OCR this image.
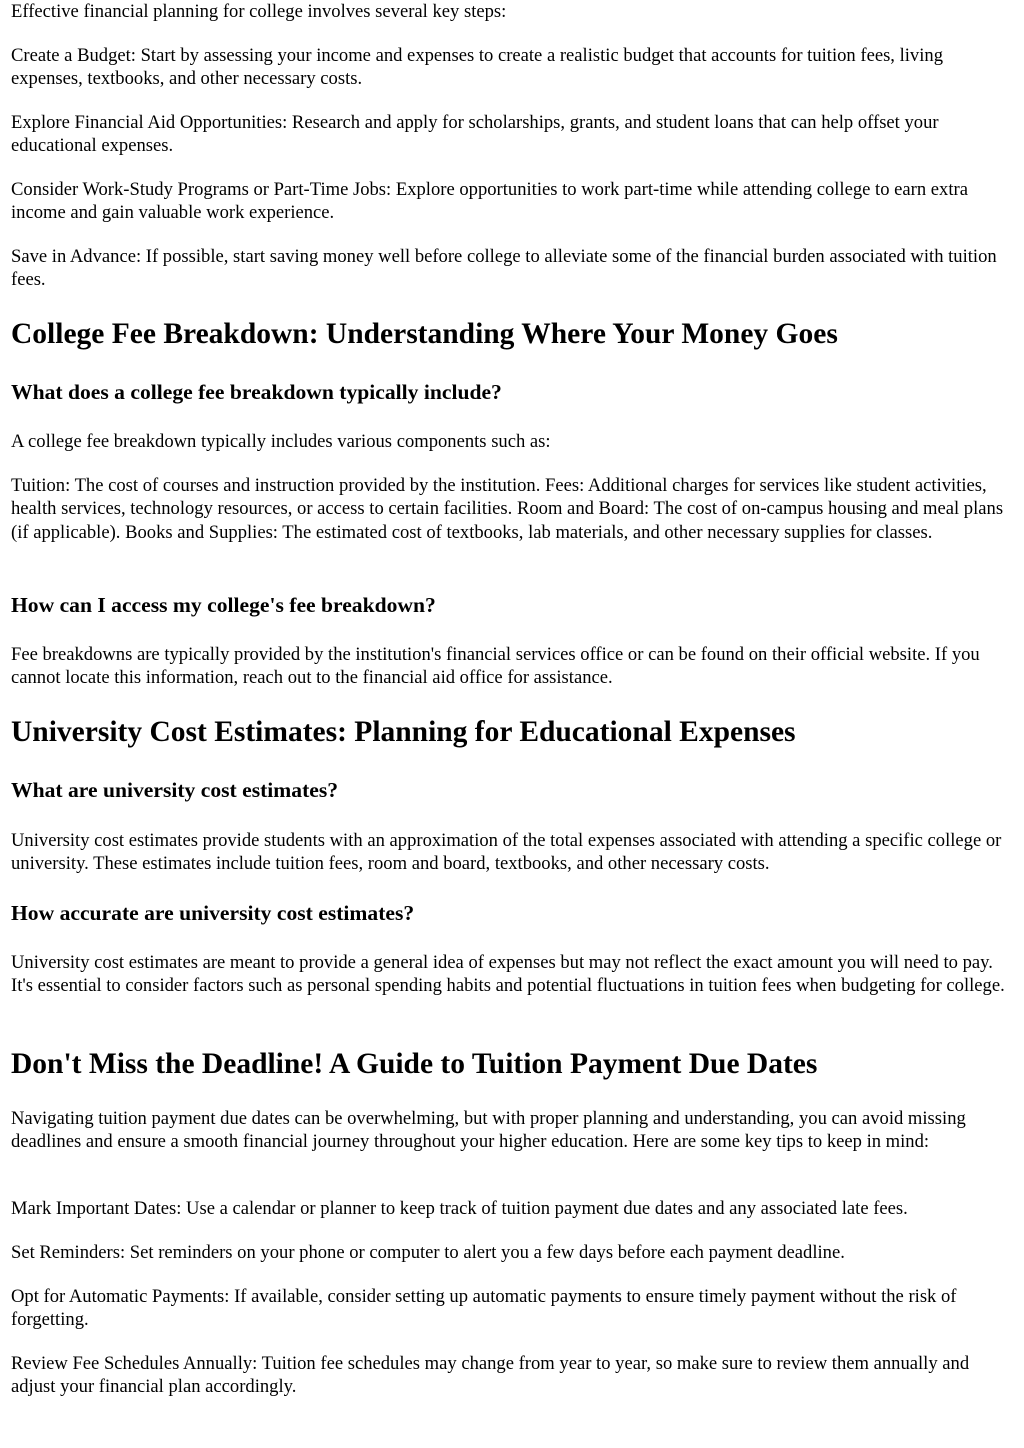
Effective financial planning for college involves several key steps:

Create a Budget: Start by assessing your income and expenses to create a realistic budget that accounts for tuition fees, living expenses, textbooks, and other necessary costs.

Explore Financial Aid Opportunities: Research and apply for scholarships, grants, and student loans that can help offset your educational expenses.

Consider Work-Study Programs or Part-Time Jobs: Explore opportunities to work part-time while attending college to earn extra income and gain valuable work experience.

Save in Advance: If possible, start saving money well before college to alleviate some of the financial burden associated with tuition fees.

College Fee Breakdown: Understanding Where Your Money Goes
What does a college fee breakdown typically include?

A college fee breakdown typically includes various components such as:

Tuition: The cost of courses and instruction provided by the institution. Fees: Additional charges for services like student activities, health services, technology resources, or access to certain facilities. Room and Board: The cost of on-campus housing and meal plans (if applicable). Books and Supplies: The estimated cost of textbooks, lab materials, and other necessary supplies for classes.

How can I access my college's fee breakdown?

Fee breakdowns are typically provided by the institution's financial services office or can be found on their official website. If you cannot locate this information, reach out to the financial aid office for assistance.

University Cost Estimates: Planning for Educational Expenses
What are university cost estimates?

University cost estimates provide students with an approximation of the total expenses associated with attending a specific college or university. These estimates include tuition fees, room and board, textbooks, and other necessary costs.

How accurate are university cost estimates?

University cost estimates are meant to provide a general idea of expenses but may not reflect the exact amount you will need to pay. It's essential to consider factors such as personal spending habits and potential fluctuations in tuition fees when budgeting for college.

Don't Miss the Deadline! A Guide to Tuition Payment Due Dates

Navigating tuition payment due dates can be overwhelming, but with proper planning and understanding, you can avoid missing deadlines and ensure a smooth financial journey throughout your higher education. Here are some key tips to keep in mind:

Mark Important Dates: Use a calendar or planner to keep track of tuition payment due dates and any associated late fees.

Set Reminders: Set reminders on your phone or computer to alert you a few days before each payment deadline.

Opt for Automatic Payments: If available, consider setting up automatic payments to ensure timely payment without the risk of forgetting.

Review Fee Schedules Annually: Tuition fee schedules may change from year to year, so make sure to review them annually and adjust your financial plan accordingly.
